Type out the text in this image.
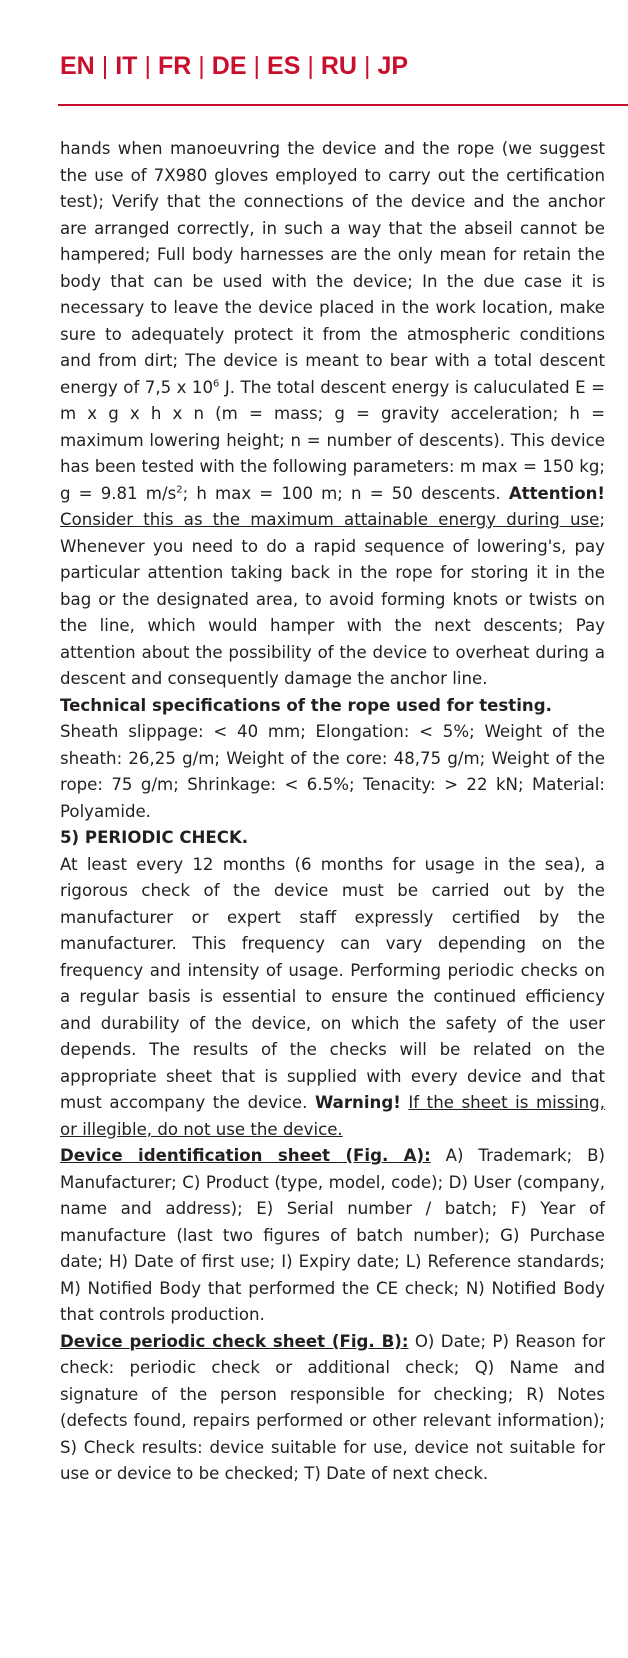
EN | IT | FR | DE | ES | RU | JP

hands when manoeuvring the device and the rope (we suggest the use of 7X980 gloves employed to carry out the certification test); Verify that the connections of the device and the anchor are arranged correctly, in such a way that the abseil cannot be hampered; Full body harnesses are the only mean for retain the body that can be used with the device; In the due case it is necessary to leave the device placed in the work location, make sure to adequately protect it from the atmospheric conditions and from dirt; The device is meant to bear with a total descent energy of 7,5 x $10^6$ J. The total descent energy is caluculated E = m x g x h x n (m = mass; g = gravity acceleration; h = maximum lowering height; n = number of descents). This device has been tested with the following parameters: m max = 150 kg; g = 9.81 $m/s^2$; h max = 100 m; n = 50 descents. Attention! Consider this as the maximum attainable energy during use; Whenever you need to do a rapid sequence of lowering's, pay particular attention taking back in the rope for storing it in the bag or the designated area, to avoid forming knots or twists on the line, which would hamper with the next descents; Pay attention about the possibility of the device to overheat during a descent and consequently damage the anchor line.

Technical specifications of the rope used for testing.

Sheath slippage: < 40 mm; Elongation: < 5%; Weight of the sheath: 26,25 g/m; Weight of the core: 48,75 g/m; Weight of the rope: 75 g/m; Shrinkage: < 6.5%; Tenacity: > 22 kN; Material: Polyamide.

5) PERIODIC CHECK.

At least every 12 months (6 months for usage in the sea), a rigorous check of the device must be carried out by the manufacturer or expert staff expressly certified by the manufacturer. This frequency can vary depending on the frequency and intensity of usage. Performing periodic checks on a regular basis is essential to ensure the continued efficiency and durability of the device, on which the safety of the user depends. The results of the checks will be related on the appropriate sheet that is supplied with every device and that must accompany the device. Warning! If the sheet is missing, or illegible, do not use the device.

Device identification sheet (Fig. A): A) Trademark; B) Manufacturer; C) Product (type, model, code); D) User (company, name and address); E) Serial number / batch; F) Year of manufacture (last two figures of batch number); G) Purchase date; H) Date of first use; I) Expiry date; L) Reference standards; M) Notified Body that performed the CE check; N) Notified Body that controls production.

Device periodic check sheet (Fig. B): O) Date; P) Reason for check: periodic check or additional check; Q) Name and signature of the person responsible for checking; R) Notes (defects found, repairs performed or other relevant information); S) Check results: device suitable for use, device not suitable for use or device to be checked; T) Date of next check.
